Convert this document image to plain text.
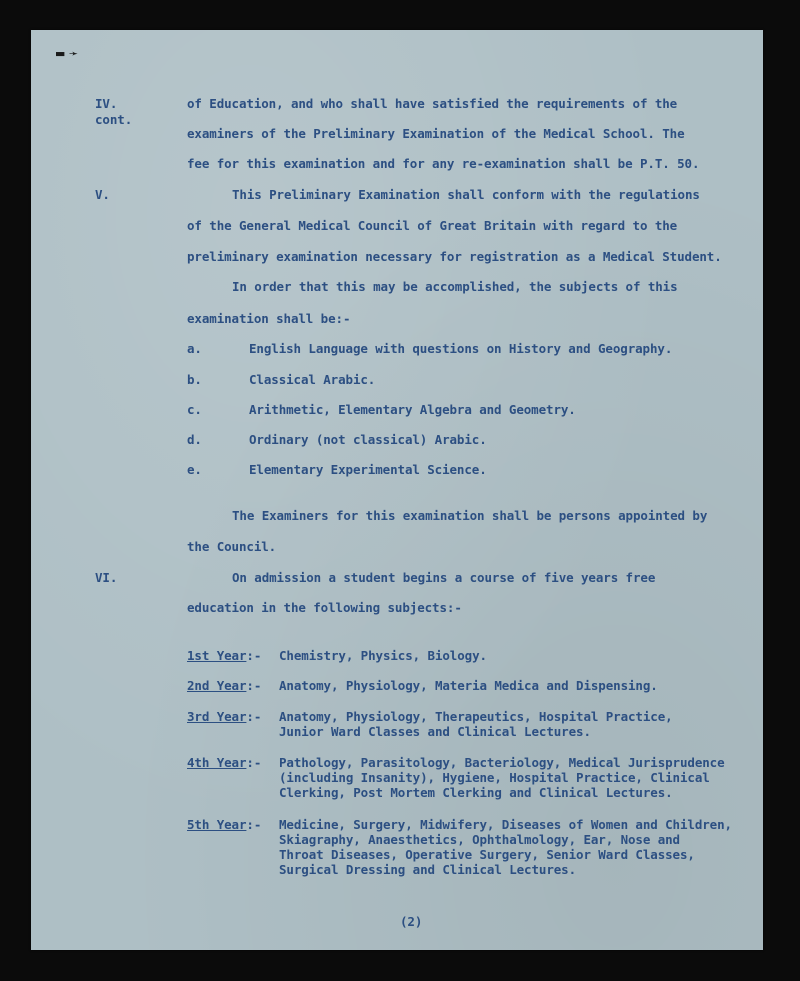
▬ ➛
IV.
cont.
of Education, and who shall have satisfied the requirements of the
examiners of the Preliminary Examination of the Medical School. The
fee for this examination and for any re-examination shall be P.T. 50.
V.	This Preliminary Examination shall conform with the regulations
of the General Medical Council of Great Britain with regard to the
preliminary examination necessary for registration as a Medical Student.
In order that this may be accomplished, the subjects of this
examination shall be:-
a.	English Language with questions on History and Geography.
b.	Classical Arabic.
c.	Arithmetic, Elementary Algebra and Geometry.
d.	Ordinary (not classical) Arabic.
e.	Elementary Experimental Science.
The Examiners for this examination shall be persons appointed by
the Council.
VI.	On admission a student begins a course of five years free
education in the following subjects:-
1st Year:- Chemistry, Physics, Biology.
2nd Year:- Anatomy, Physiology, Materia Medica and Dispensing.
3rd Year:- Anatomy, Physiology, Therapeutics, Hospital Practice,
Junior Ward Classes and Clinical Lectures.
4th Year:- Pathology, Parasitology, Bacteriology, Medical Jurisprudence
(including Insanity), Hygiene, Hospital Practice, Clinical
Clerking, Post Mortem Clerking and Clinical Lectures.
5th Year:- Medicine, Surgery, Midwifery, Diseases of Women and Children,
Skiagraphy, Anaesthetics, Ophthalmology, Ear, Nose and
Throat Diseases, Operative Surgery, Senior Ward Classes,
Surgical Dressing and Clinical Lectures.
(2)
